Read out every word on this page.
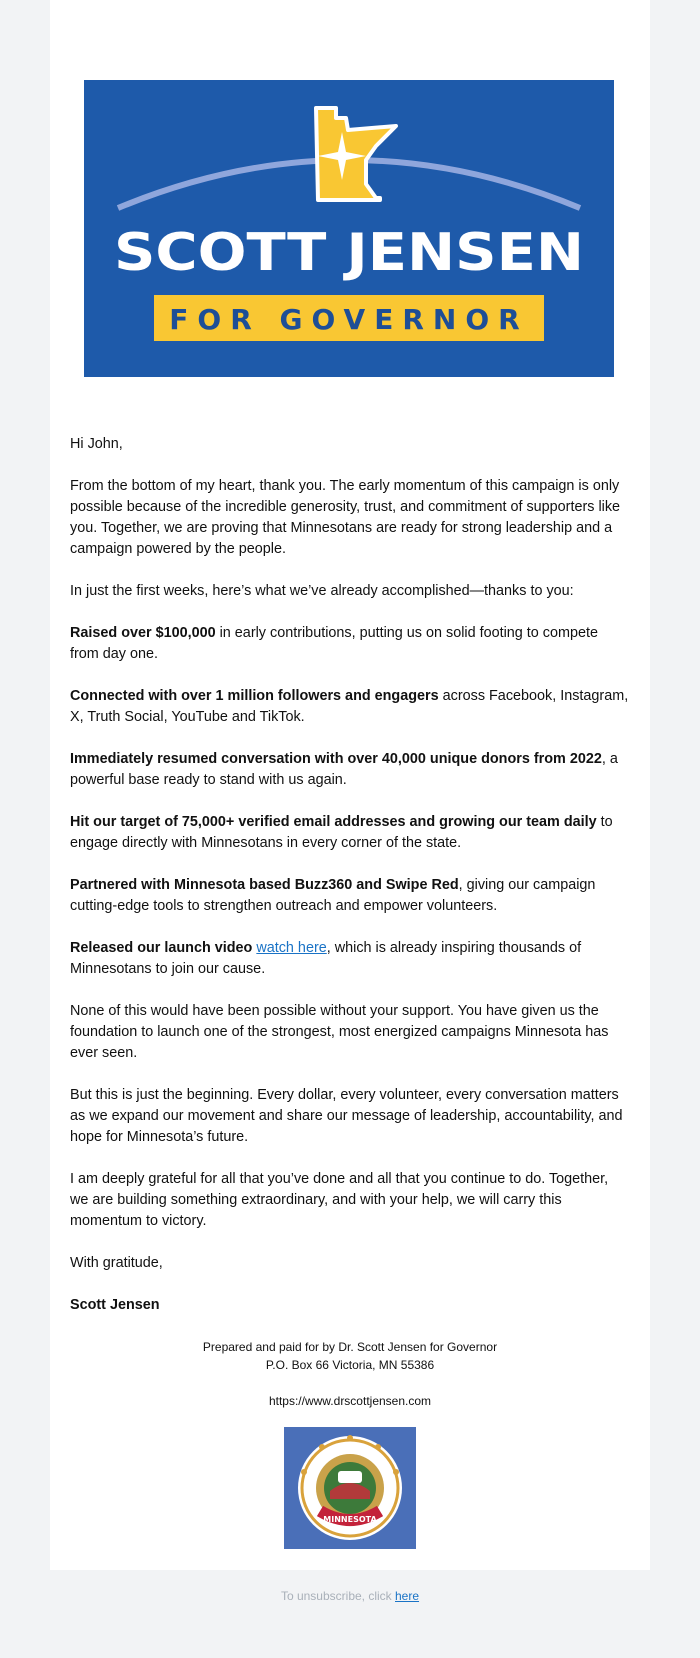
SCOTT JENSEN
FOR GOVERNOR

Hi John,

From the bottom of my heart, thank you. The early momentum of this campaign is only possible because of the incredible generosity, trust, and commitment of supporters like you. Together, we are proving that Minnesotans are ready for strong leadership and a campaign powered by the people.

In just the first weeks, here’s what we’ve already accomplished—thanks to you:

Raised over $100,000 in early contributions, putting us on solid footing to compete from day one.

Connected with over 1 million followers and engagers across Facebook, Instagram, X, Truth Social, YouTube and TikTok.

Immediately resumed conversation with over 40,000 unique donors from 2022, a powerful base ready to stand with us again.

Hit our target of 75,000+ verified email addresses and growing our team daily to engage directly with Minnesotans in every corner of the state.

Partnered with Minnesota based Buzz360 and Swipe Red, giving our campaign cutting-edge tools to strengthen outreach and empower volunteers.

Released our launch video watch here, which is already inspiring thousands of Minnesotans to join our cause.

None of this would have been possible without your support. You have given us the foundation to launch one of the strongest, most energized campaigns Minnesota has ever seen.

But this is just the beginning. Every dollar, every volunteer, every conversation matters as we expand our movement and share our message of leadership, accountability, and hope for Minnesota’s future.

I am deeply grateful for all that you’ve done and all that you continue to do. Together, we are building something extraordinary, and with your help, we will carry this momentum to victory.

With gratitude,

Scott Jensen

Prepared and paid for by Dr. Scott Jensen for Governor
P.O. Box 66 Victoria, MN 55386
https://www.drscottjensen.com
MINNESOTA
To unsubscribe, click here
